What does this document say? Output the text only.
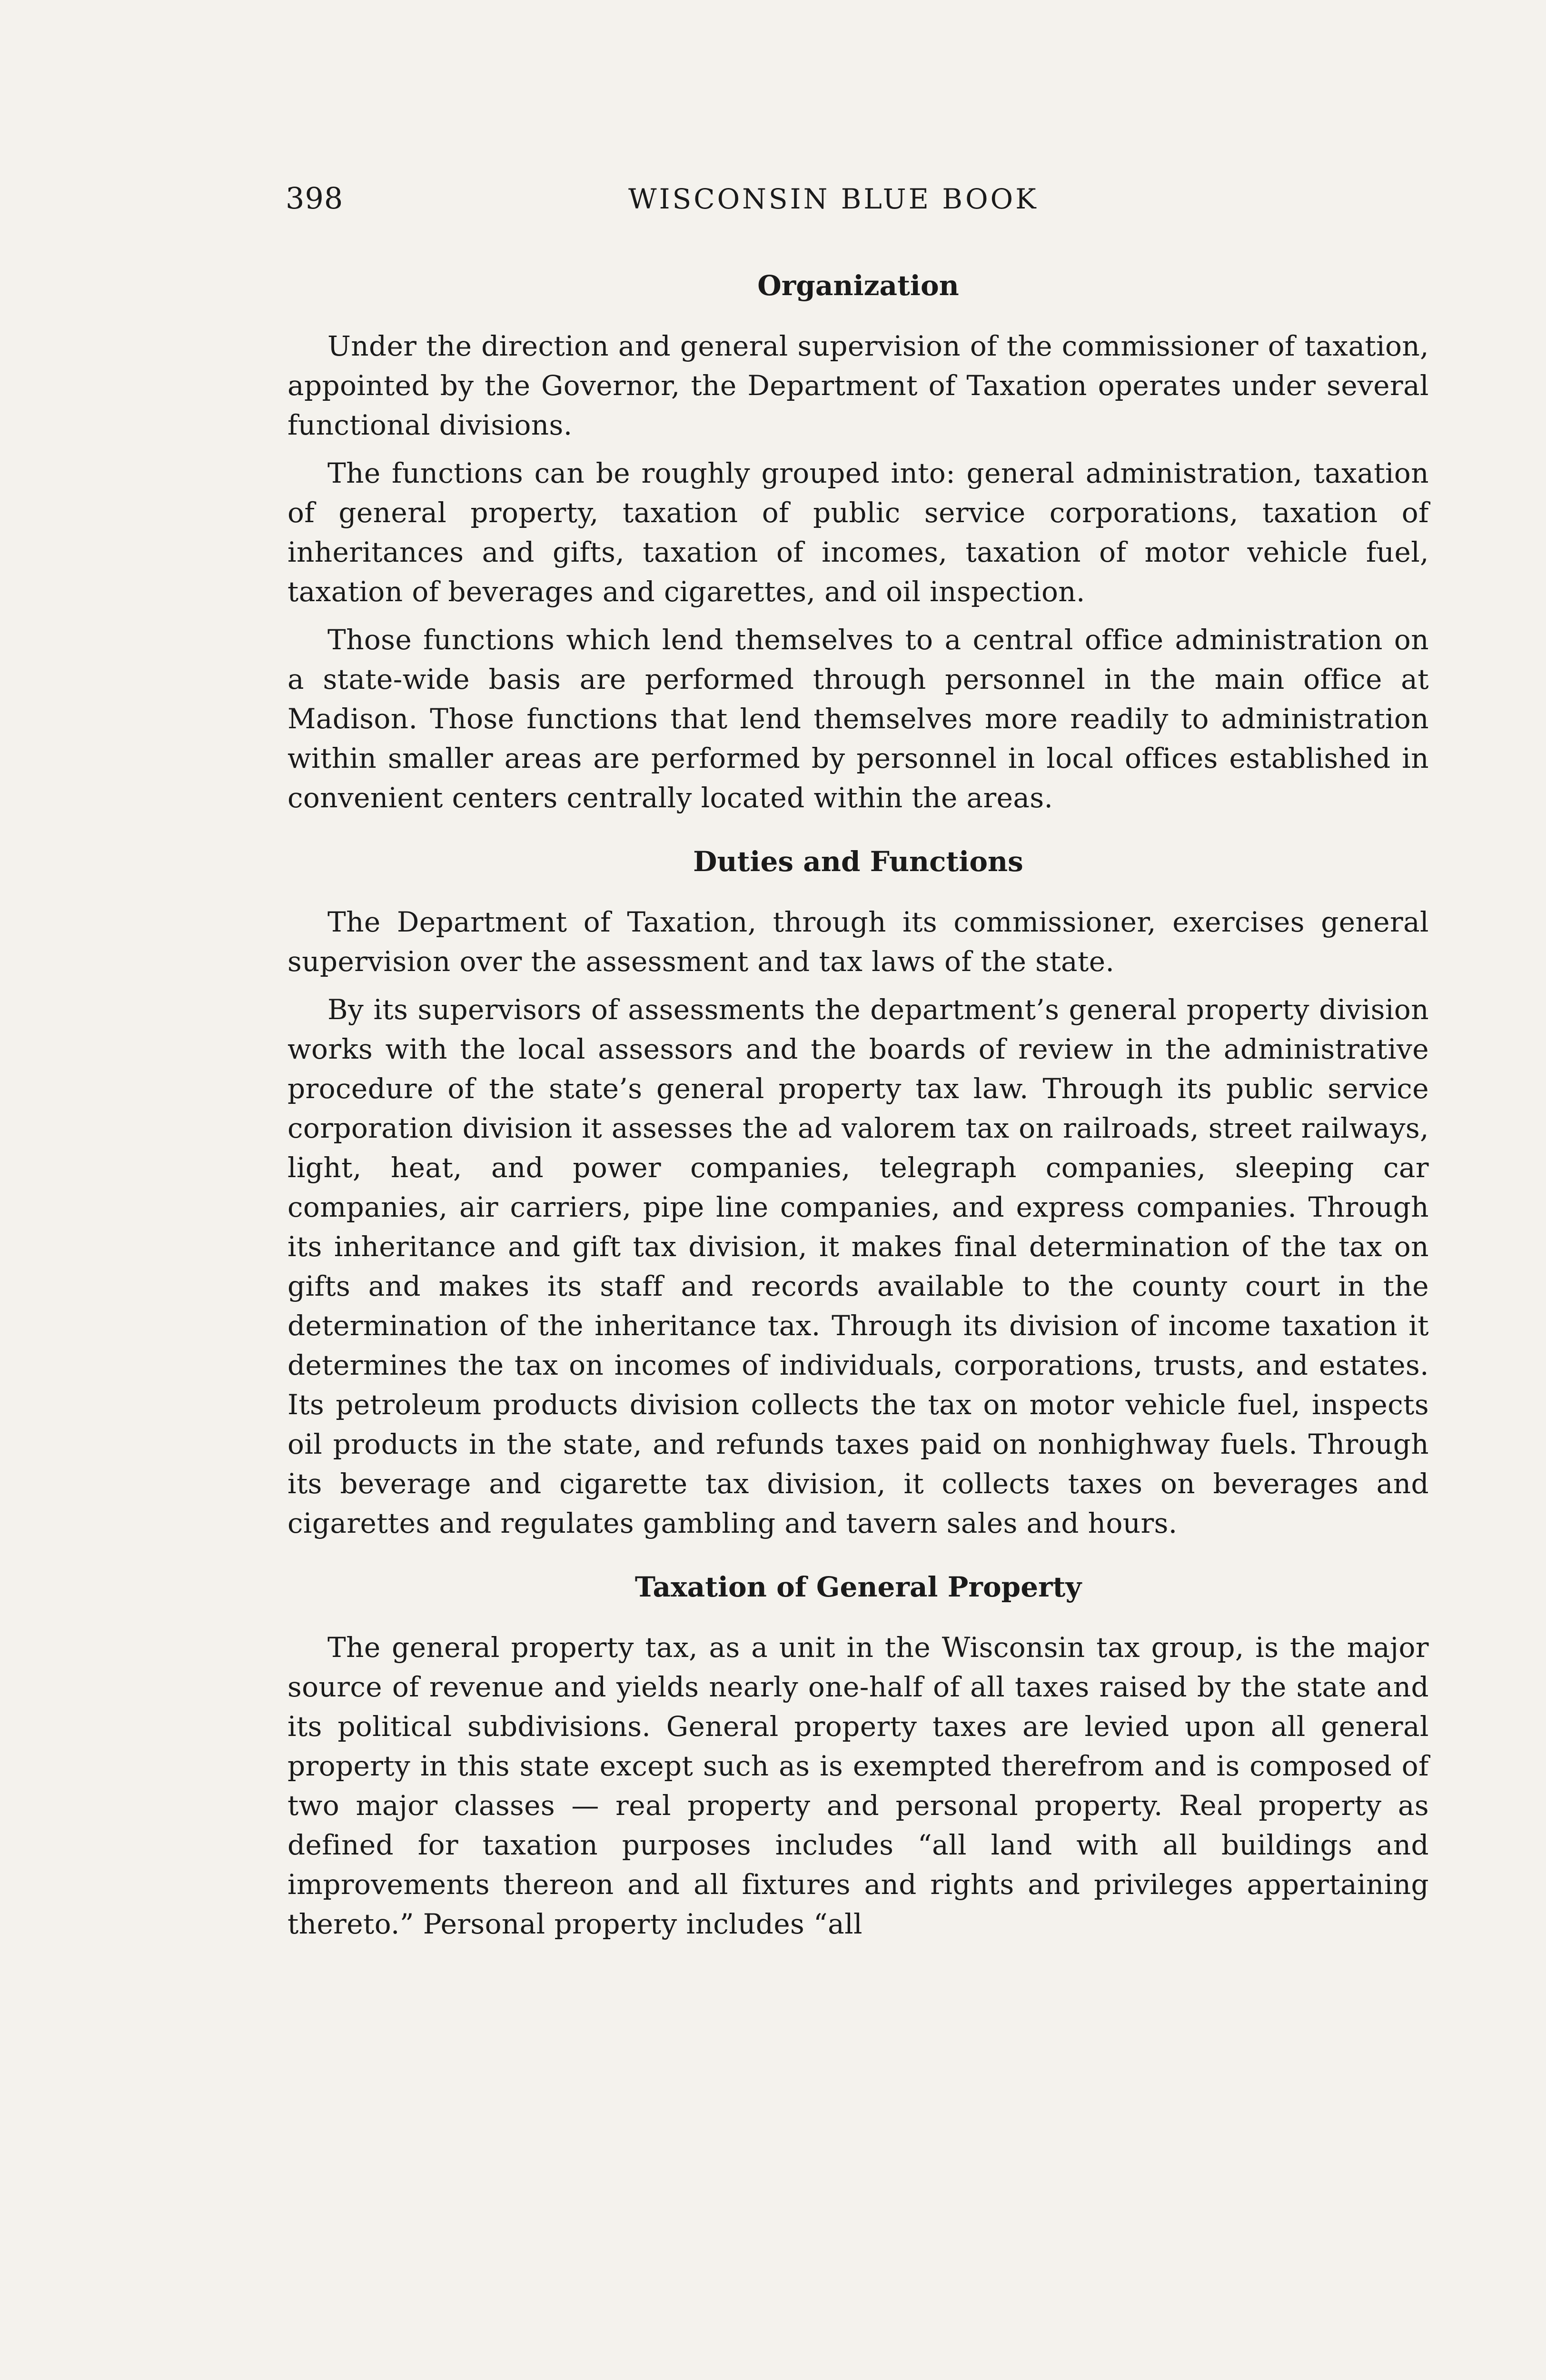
398	WISCONSIN BLUE BOOK
Organization

Under the direction and general supervision of the commissioner of taxation, appointed by the Governor, the Department of Taxation operates under several functional divisions.

The functions can be roughly grouped into: general administration, taxation of general property, taxation of public service corporations, taxation of inheritances and gifts, taxation of incomes, taxation of motor vehicle fuel, taxation of beverages and cigarettes, and oil inspection.

Those functions which lend themselves to a central office administration on a state-wide basis are performed through personnel in the main office at Madison. Those functions that lend themselves more readily to administration within smaller areas are performed by personnel in local offices established in convenient centers centrally located within the areas.

Duties and Functions

The Department of Taxation, through its commissioner, exercises general supervision over the assessment and tax laws of the state.

By its supervisors of assessments the department’s general property division works with the local assessors and the boards of review in the administrative procedure of the state’s general property tax law. Through its public service corporation division it assesses the ad valorem tax on railroads, street railways, light, heat, and power companies, telegraph companies, sleeping car companies, air carriers, pipe line companies, and express companies. Through its inheritance and gift tax division, it makes final determination of the tax on gifts and makes its staff and records available to the county court in the determination of the inheritance tax. Through its division of income taxation it determines the tax on incomes of individuals, corporations, trusts, and estates. Its petroleum products division collects the tax on motor vehicle fuel, inspects oil products in the state, and refunds taxes paid on nonhighway fuels. Through its beverage and cigarette tax division, it collects taxes on beverages and cigarettes and regulates gambling and tavern sales and hours.

Taxation of General Property

The general property tax, as a unit in the Wisconsin tax group, is the major source of revenue and yields nearly one-half of all taxes raised by the state and its political subdivisions. General property taxes are levied upon all general property in this state except such as is exempted therefrom and is composed of two major classes — real property and personal property. Real property as defined for taxation purposes includes “all land with all buildings and improvements thereon and all fixtures and rights and privileges appertaining thereto.” Personal property includes “all
